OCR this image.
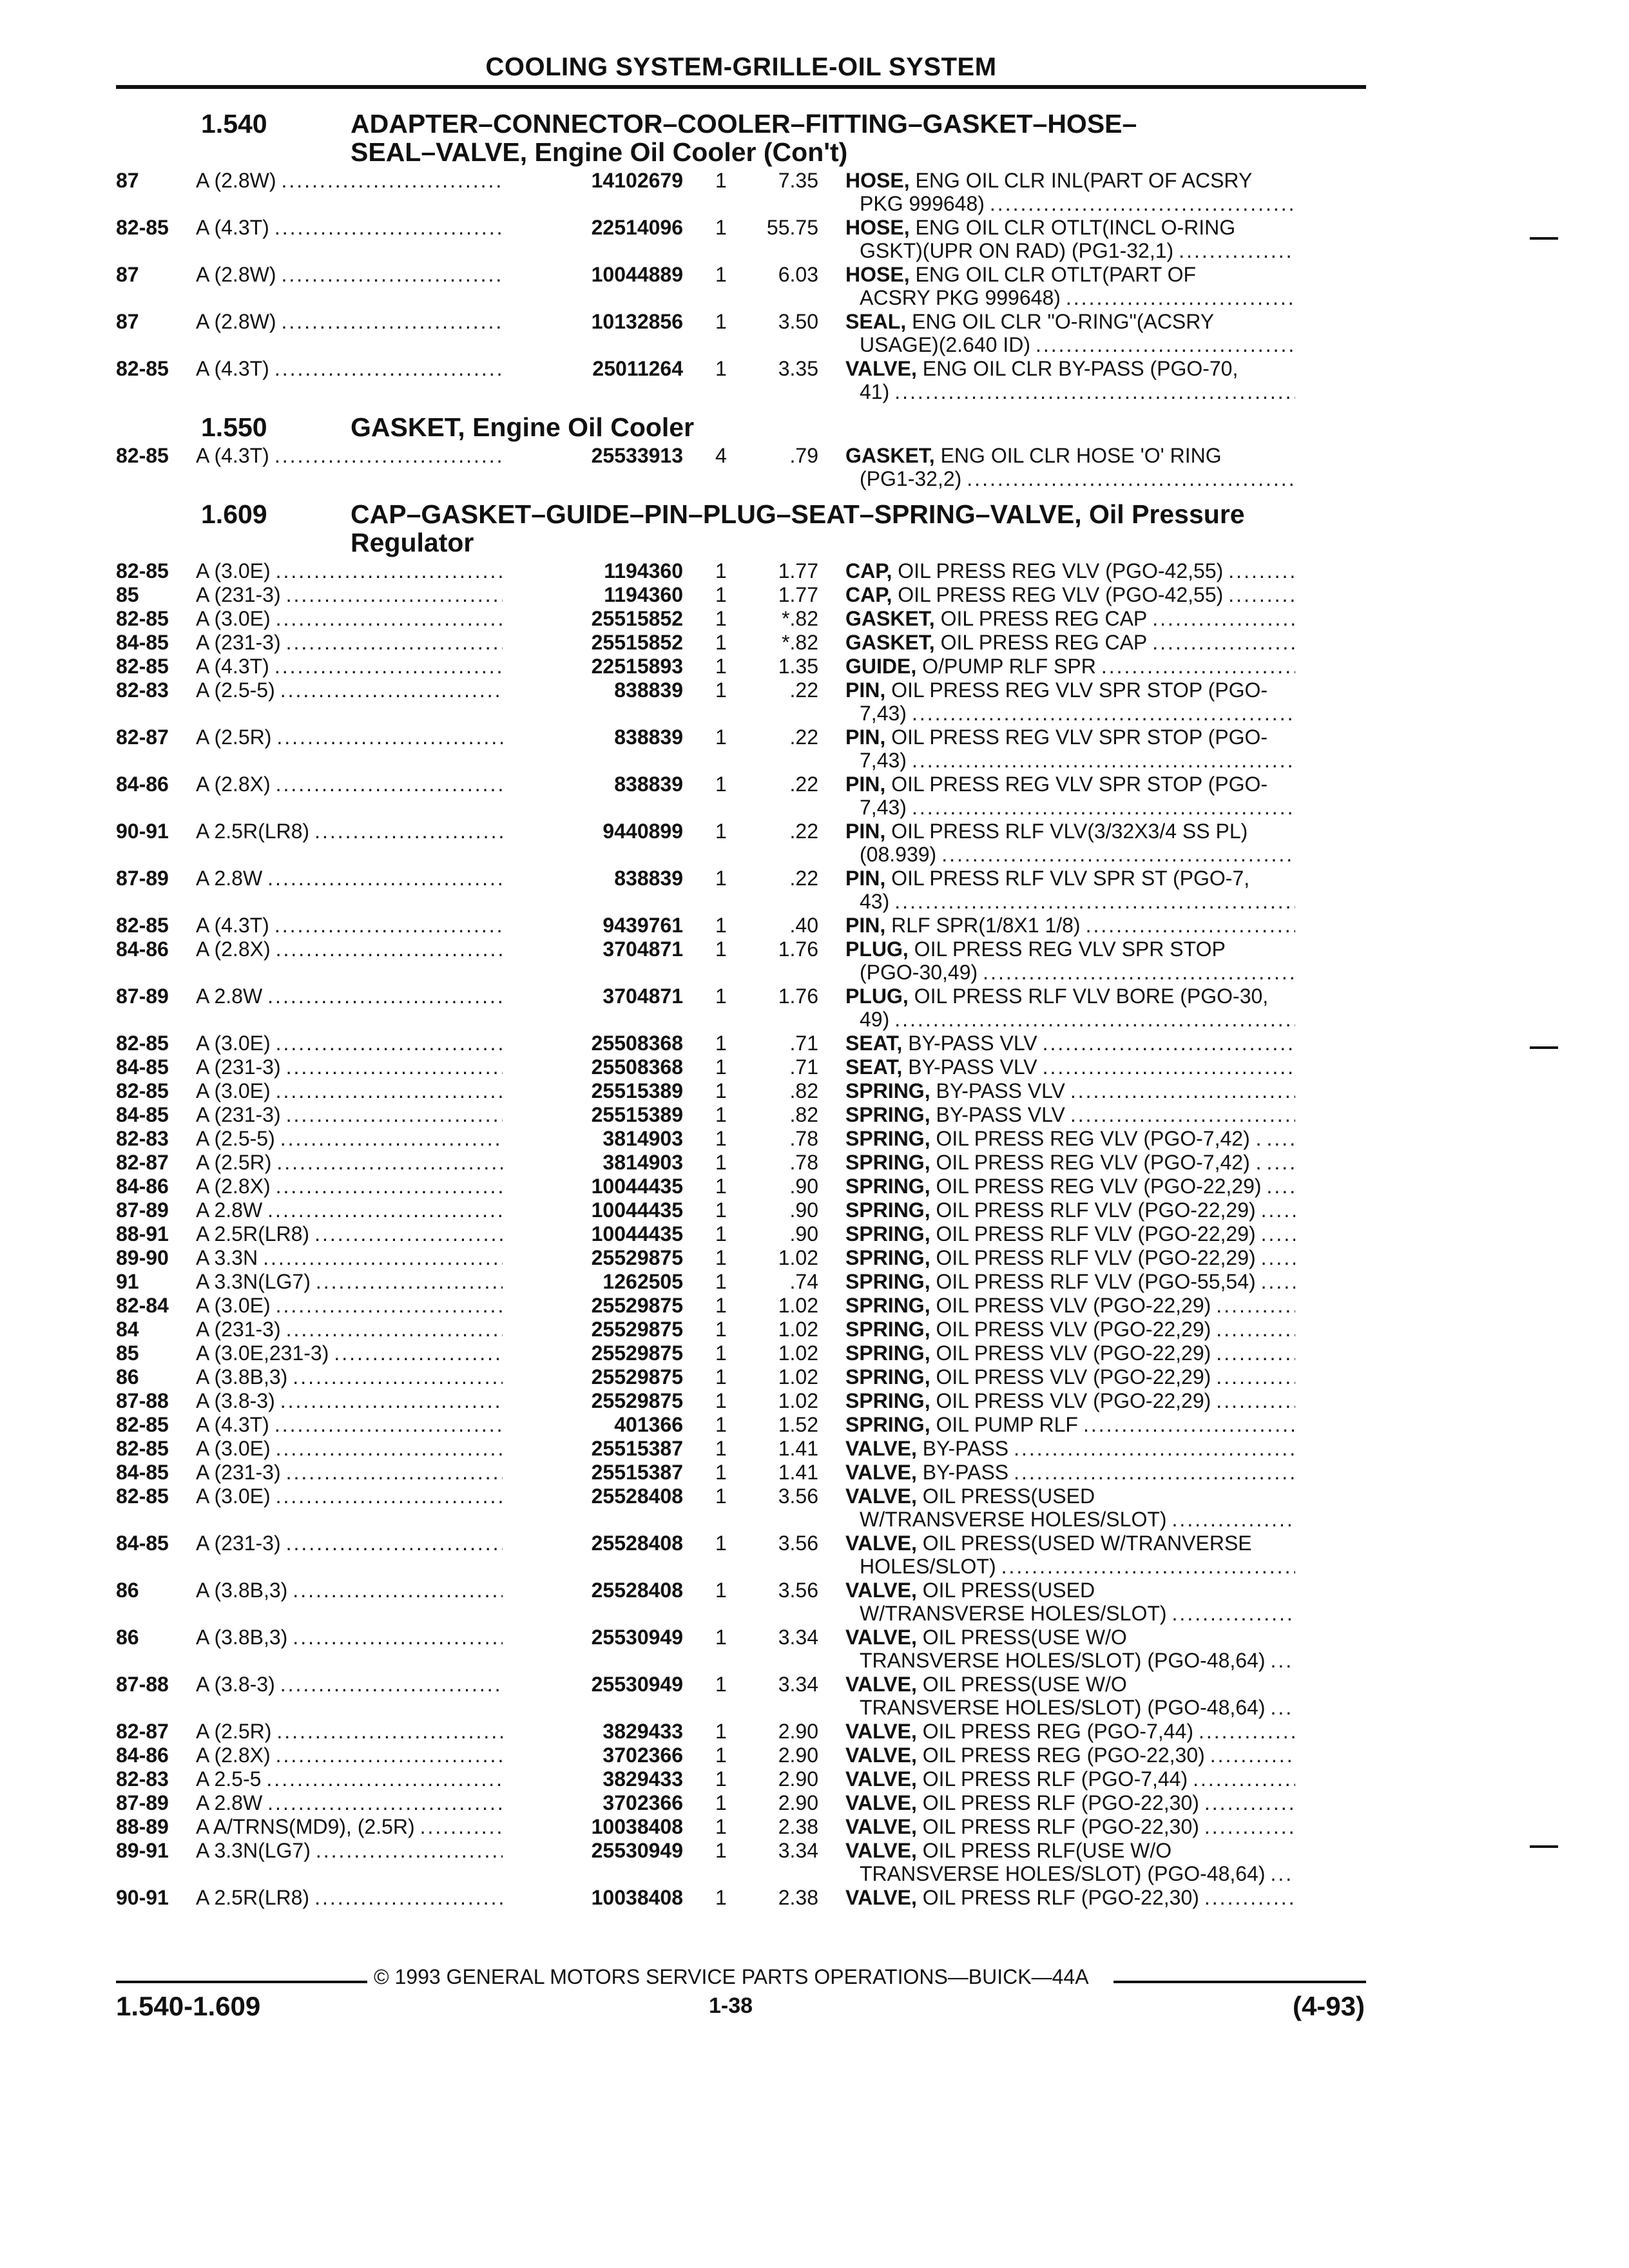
COOLING SYSTEM-GRILLE-OIL SYSTEM
1.540	ADAPTER–CONNECTOR–COOLER–FITTING–GASKET–HOSE–
SEAL–VALVE, Engine Oil Cooler (Con't)
87	A (2.8W) .....	14102679	1	7.35 HOSE, ENG OIL CLR INL(PART OF ACSRY
PKG 999648)
.....
82-85	A (4.3T) .....	22514096	1	55.75 HOSE, ENG OIL CLR OTLT(INCL O-RING
GSKT)(UPR ON RAD) (PG1-32,1)
.....
87	A (2.8W) .....	10044889	1	6.03 HOSE, ENG OIL CLR OTLT(PART OF
ACSRY PKG 999648)
.....
87	A (2.8W) .....	10132856	1	3.50 SEAL, ENG OIL CLR "O-RING"(ACSRY
USAGE)(2.640 ID)
.....
82-85	A (4.3T) .....	25011264	1	3.35 VALVE, ENG OIL CLR BY-PASS (PGO-70,
41)
.....
1.550	GASKET, Engine Oil Cooler
82-85	A (4.3T) .....	25533913	4	.79 GASKET, ENG OIL CLR HOSE 'O' RING
(PG1-32,2)
.....
1.609	CAP–GASKET–GUIDE–PIN–PLUG–SEAT–SPRING–VALVE, Oil Pressure
Regulator
82-85	A (3.0E) .....	1194360	1	1.77 CAP, OIL PRESS REG VLV (PGO-42,55)
.....
85	A (231-3) .....	1194360	1	1.77 CAP, OIL PRESS REG VLV (PGO-42,55)
.....
82-85	A (3.0E) .....	25515852	1	*.82 GASKET, OIL PRESS REG CAP
.....
84-85	A (231-3) .....	25515852	1	*.82 GASKET, OIL PRESS REG CAP
.....
82-85	A (4.3T) .....	22515893	1	1.35 GUIDE, O/PUMP RLF SPR
.....
82-83	A (2.5-5) .....	838839	1	.22 PIN, OIL PRESS REG VLV SPR STOP (PGO-
7,43)
.....
82-87	A (2.5R) .....	838839	1	.22 PIN, OIL PRESS REG VLV SPR STOP (PGO-
7,43)
.....
84-86	A (2.8X) .....	838839	1	.22 PIN, OIL PRESS REG VLV SPR STOP (PGO-
7,43)
.....
90-91	A 2.5R(LR8) .....	9440899	1	.22 PIN, OIL PRESS RLF VLV(3/32X3/4 SS PL)
(08.939)
.....
87-89	A 2.8W .....	838839	1	.22 PIN, OIL PRESS RLF VLV SPR ST (PGO-7,
43)
.....
82-85	A (4.3T) .....	9439761	1	.40 PIN, RLF SPR(1/8X1 1/8)
.....
84-86	A (2.8X) .....	3704871	1	1.76 PLUG, OIL PRESS REG VLV SPR STOP
(PGO-30,49)
.....
87-89	A 2.8W .....	3704871	1	1.76 PLUG, OIL PRESS RLF VLV BORE (PGO-30,
49)
.....
82-85	A (3.0E) .....	25508368	1	.71 SEAT, BY-PASS VLV
.....
84-85	A (231-3) .....	25508368	1	.71 SEAT, BY-PASS VLV
.....
82-85	A (3.0E) .....	25515389	1	.82 SPRING, BY-PASS VLV
.....
84-85	A (231-3) .....	25515389	1	.82 SPRING, BY-PASS VLV
.....
82-83	A (2.5-5) .....	3814903	1	.78 SPRING, OIL PRESS REG VLV (PGO-7,42) .
.....
82-87	A (2.5R) .....	3814903	1	.78 SPRING, OIL PRESS REG VLV (PGO-7,42) .
.....
84-86	A (2.8X) .....	10044435	1	.90 SPRING, OIL PRESS REG VLV (PGO-22,29)
.....
87-89	A 2.8W .....	10044435	1	.90 SPRING, OIL PRESS RLF VLV (PGO-22,29)
.....
88-91	A 2.5R(LR8) .....	10044435	1	.90 SPRING, OIL PRESS RLF VLV (PGO-22,29)
.....
89-90	A 3.3N .....	25529875	1	1.02 SPRING, OIL PRESS RLF VLV (PGO-22,29)
.....
91	A 3.3N(LG7) .....	1262505	1	.74 SPRING, OIL PRESS RLF VLV (PGO-55,54)
.....
82-84	A (3.0E) .....	25529875	1	1.02 SPRING, OIL PRESS VLV (PGO-22,29)
.....
84	A (231-3) .....	25529875	1	1.02 SPRING, OIL PRESS VLV (PGO-22,29)
.....
85	A (3.0E,231-3) .....	25529875	1	1.02 SPRING, OIL PRESS VLV (PGO-22,29)
.....
86	A (3.8B,3) .....	25529875	1	1.02 SPRING, OIL PRESS VLV (PGO-22,29)
.....
87-88	A (3.8-3) .....	25529875	1	1.02 SPRING, OIL PRESS VLV (PGO-22,29)
.....
82-85	A (4.3T) .....	401366	1	1.52 SPRING, OIL PUMP RLF
.....
82-85	A (3.0E) .....	25515387	1	1.41 VALVE, BY-PASS
.....
84-85	A (231-3) .....	25515387	1	1.41 VALVE, BY-PASS
.....
82-85	A (3.0E) .....	25528408	1	3.56 VALVE, OIL PRESS(USED
W/TRANSVERSE HOLES/SLOT)
.....
84-85	A (231-3) .....	25528408	1	3.56 VALVE, OIL PRESS(USED W/TRANVERSE
HOLES/SLOT)
.....
86	A (3.8B,3) .....	25528408	1	3.56 VALVE, OIL PRESS(USED
W/TRANSVERSE HOLES/SLOT)
.....
86	A (3.8B,3) .....	25530949	1	3.34 VALVE, OIL PRESS(USE W/O
TRANSVERSE HOLES/SLOT) (PGO-48,64)
.....
87-88	A (3.8-3) .....	25530949	1	3.34 VALVE, OIL PRESS(USE W/O
TRANSVERSE HOLES/SLOT) (PGO-48,64)
.....
82-87	A (2.5R) .....	3829433	1	2.90 VALVE, OIL PRESS REG (PGO-7,44)
.....
84-86	A (2.8X) .....	3702366	1	2.90 VALVE, OIL PRESS REG (PGO-22,30)
.....
82-83	A 2.5-5 .....	3829433	1	2.90 VALVE, OIL PRESS RLF (PGO-7,44)
.....
87-89	A 2.8W .....	3702366	1	2.90 VALVE, OIL PRESS RLF (PGO-22,30)
.....
88-89	A A/TRNS(MD9), (2.5R) .....	10038408	1	2.38 VALVE, OIL PRESS RLF (PGO-22,30)
.....
89-91	A 3.3N(LG7) .....	25530949	1	3.34 VALVE, OIL PRESS RLF(USE W/O
TRANSVERSE HOLES/SLOT) (PGO-48,64)
.....
90-91	A 2.5R(LR8) .....	10038408	1	2.38 VALVE, OIL PRESS RLF (PGO-22,30)
.....
© 1993 GENERAL MOTORS SERVICE PARTS OPERATIONS—BUICK—44A
1.540-1.609	1-38	(4-93)
